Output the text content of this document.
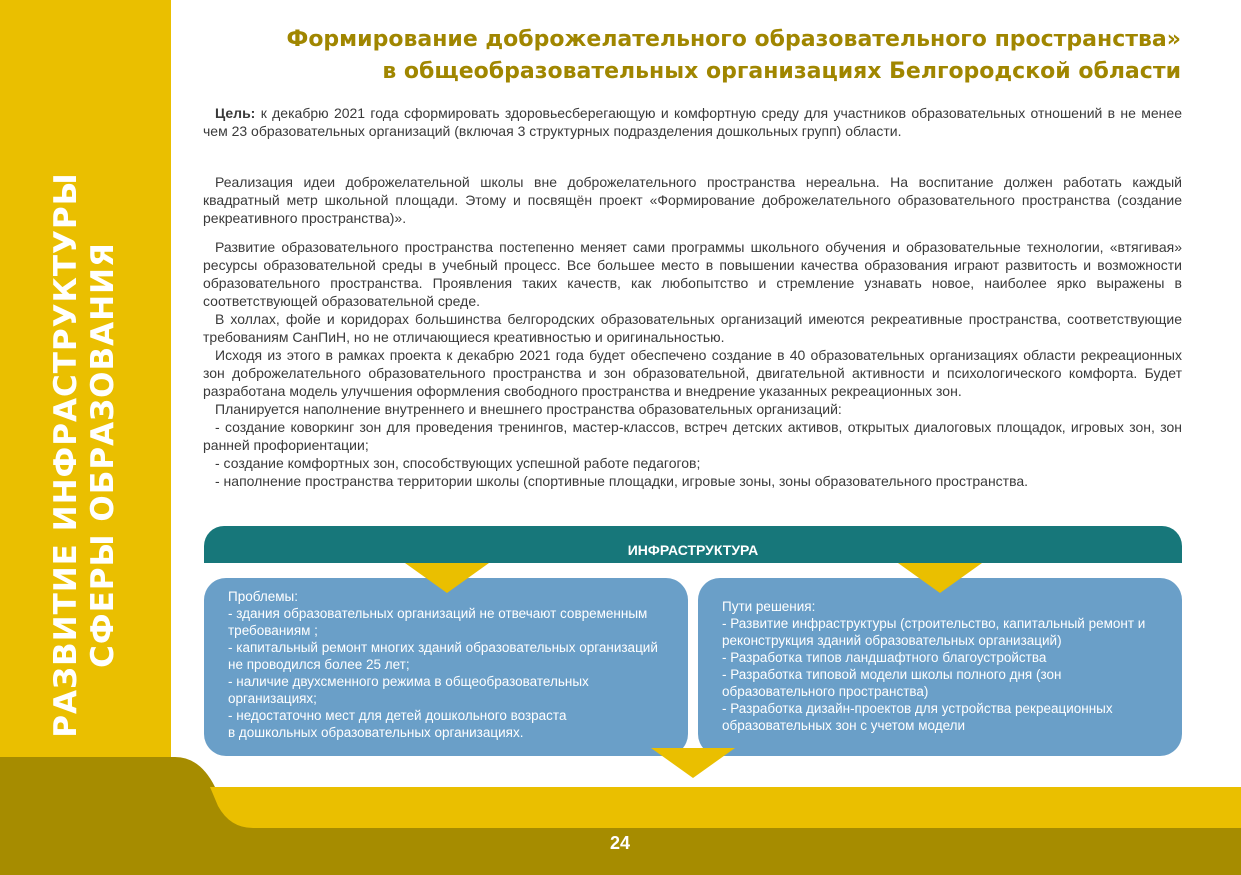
РАЗВИТИЕ ИНФРАСТРУКТУРЫ СФЕРЫ ОБРАЗОВАНИЯ
Формирование доброжелательного образовательного пространства»
в общеобразовательных организациях Белгородской области

Цель: к декабрю 2021 года сформировать здоровьесберегающую и комфортную среду для участников образовательных отношений в не менее чем 23 образовательных организаций (включая 3 структурных подразделения дошкольных групп) области.

Реализация идеи доброжелательной школы вне доброжелательного пространства нереальна. На воспитание должен работать каждый квадратный метр школьной площади. Этому и посвящён проект «Формирование доброжелательного образовательного пространства (создание рекреативного пространства)».

Развитие образовательного пространства постепенно меняет сами программы школьного обучения и образовательные технологии, «втягивая» ресурсы образовательной среды в учебный процесс. Все большее место в повышении качества образования играют развитость и возможности образовательного пространства. Проявления таких качеств, как любопытство и стремление узнавать новое, наиболее ярко выражены в соответствующей образовательной среде.

В холлах, фойе и коридорах большинства белгородских образовательных организаций имеются рекреативные пространства, соответствующие требованиям СанПиН, но не отличающиеся креативностью и оригинальностью.

Исходя из этого в рамках проекта к декабрю 2021 года будет обеспечено создание в 40 образовательных организациях области рекреационных зон доброжелательного образовательного пространства и зон образовательной, двигательной активности и психологического комфорта. Будет разработана модель улучшения оформления свободного пространства и внедрение указанных рекреационных зон.

Планируется наполнение внутреннего и внешнего пространства образовательных организаций:

- создание коворкинг зон для проведения тренингов, мастер-классов, встреч детских активов, открытых диалоговых площадок, игровых зон, зон ранней профориентации;

- создание комфортных зон, способствующих успешной работе педагогов;

- наполнение пространства территории школы (спортивные площадки, игровые зоны, зоны образовательного пространства.

ИНФРАСТРУКТУРА

Проблемы:
- здания образовательных организаций не отвечают современным требованиям ;
- капитальный ремонт многих зданий образовательных организаций не проводился более 25 лет;
- наличие двухсменного режима в общеобразовательных организациях;
- недостаточно мест для детей дошкольного возраста
в дошкольных образовательных организациях.

Пути решения:
- Развитие инфраструктуры (строительство, капитальный ремонт и реконструкция зданий образовательных организаций)
- Разработка типов ландшафтного благоустройства
- Разработка типовой модели школы полного дня (зон образовательного пространства)
- Разработка дизайн-проектов для устройства рекреационных образовательных зон с учетом модели

24
